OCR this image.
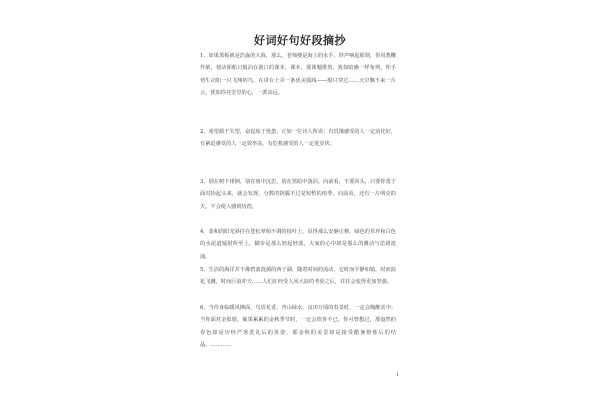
好词好句好段摘抄

1、如果黑板就是浩淼的大海，那么，老师便是海上的水手。铃声响起那刻，你用教鞭作桨，划动那船只般泊在港口的课本，课本，那课题堆放，犹如暗礁一样布列，你手势生动如一只飞翔的鸟，在讲台上弄一条优美弧线——船只穿过……天空飘不来一片云，犹如你亮堂堂的心，一派高远。

2、希望源于失望，奋起始于忧患，正如一位诗人所说：有饥饿感受的人一定消化好，有紧迫感受的人一定效率高，有危机感受的人一定进步快。

3、别在树下徘徊，别在雨中沉思，别在黑暗中落泪。向前看，不要回头，只要你勇于面对抬起头来，就会发现，分数的阴霾不过是短暂的雨季。向前看，还有一片明亮的天，不会使人感到彷徨。

4、柔和的阳光斜挂在苍松翠柏不凋的枝叶上，显得那么安静庄穆。绿色的草坪和白色的水泥道辐射所至上，脚步是那么轻起轻落，大家的心中却是那么的激动与思绪波涌。

5、生活的海洋并不像碧波涟漪的西子湖，随着时间的流动，它时而平静如镜，时而浪花飞溅，时而巨浪冲天……人们在经受人风大浪的考验之后，往往会变得更加坚强。

6、当你身临暖风拂面，鸟语花香，青山绿水，良田万顷的春景时，一定会陶醉其中；当你面对金似银，硕果累累的金秋季节时，一定会欣喜不已，你可曾想过，那盎然的春色却是历经严寒洗礼后的英姿，那金秋的美景却是接受酷暑熔炼后的结晶。…………

1
